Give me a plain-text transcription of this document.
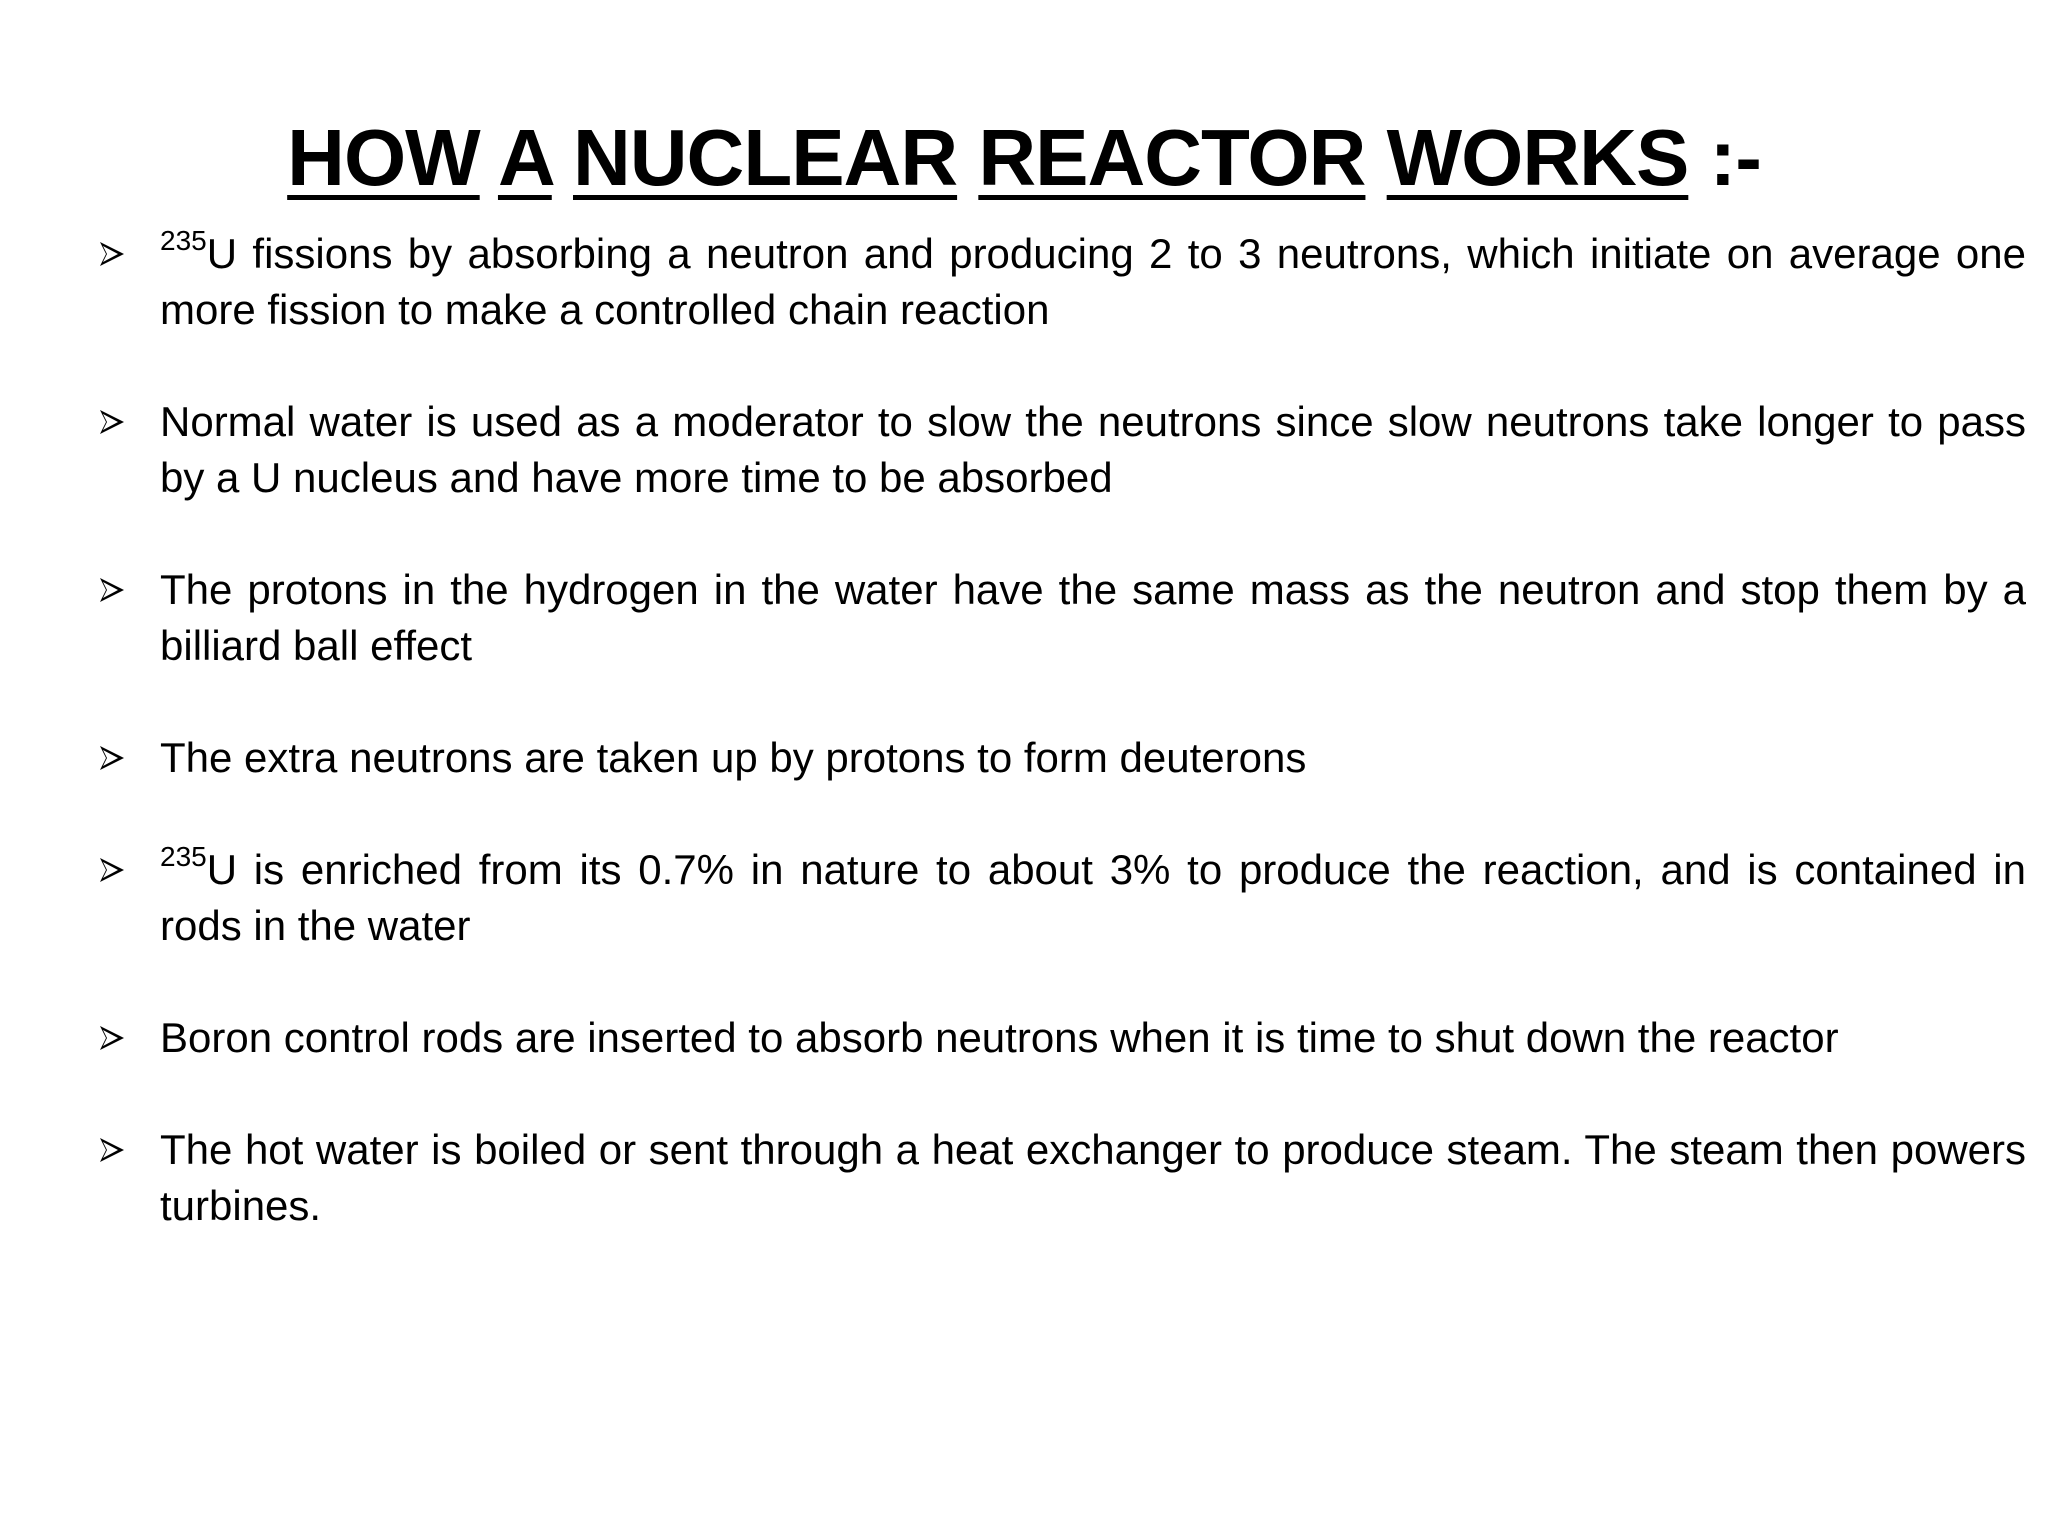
HOW A NUCLEAR REACTOR WORKS :-
$^{235}$U fissions by absorbing a neutron and producing 2 to 3 neutrons, which initiate on average one more fission to make a controlled chain reaction
Normal water is used as a moderator to slow the neutrons since slow neutrons take longer to pass by a U nucleus and have more time to be absorbed
The protons in the hydrogen in the water have the same mass as the neutron and stop them by a billiard ball effect
The extra neutrons are taken up by protons to form deuterons
$^{235}$U is enriched from its 0.7% in nature to about 3% to produce the reaction, and is contained in rods in the water
Boron control rods are inserted to absorb neutrons when it is time to shut down the reactor
The hot water is boiled or sent through a heat exchanger to produce steam. The steam then powers turbines.
